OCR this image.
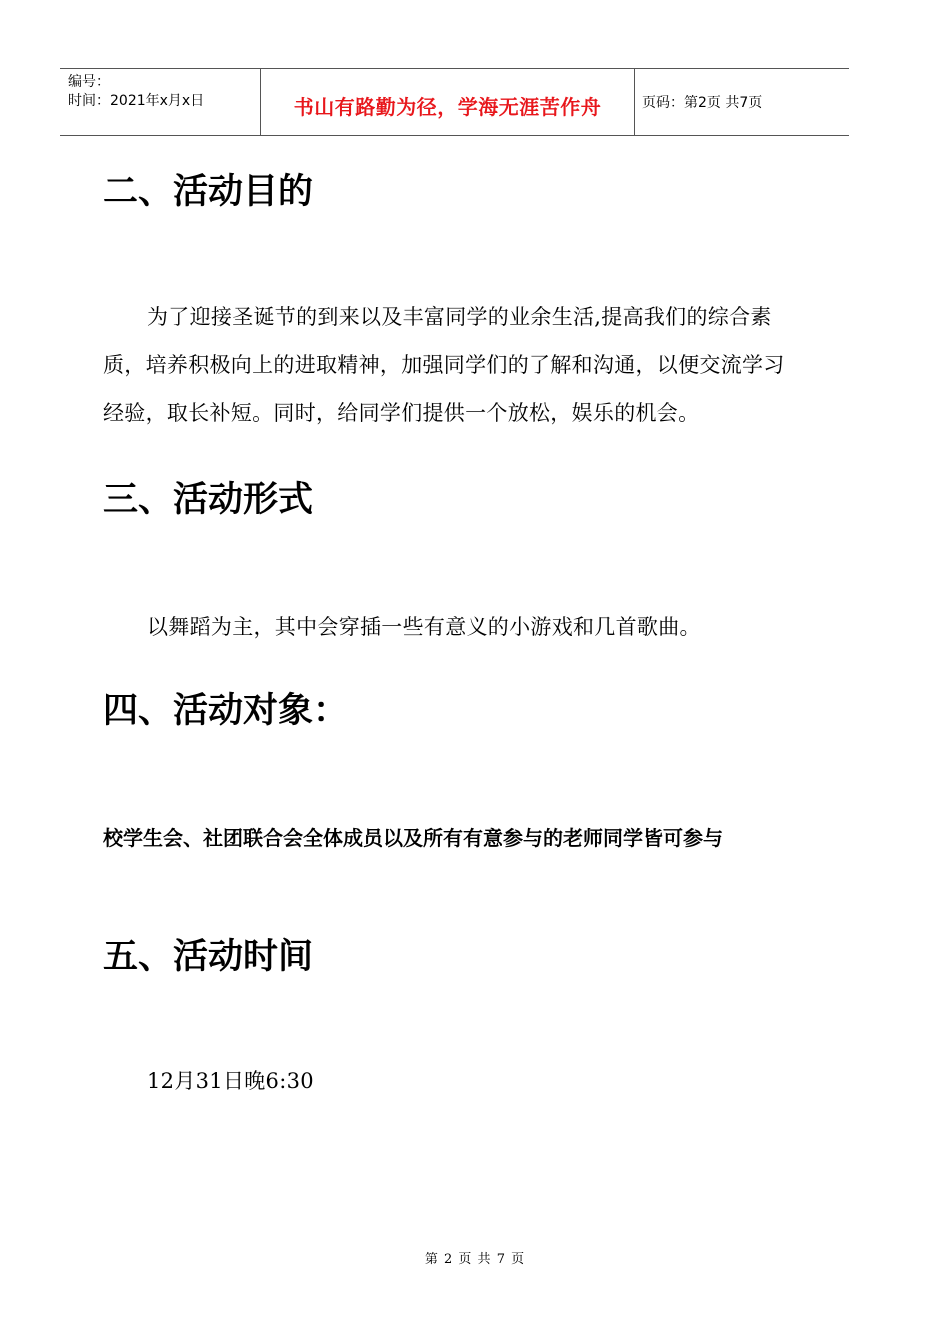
编号：
时间：2021年x月x日	书山有路勤为径，学海无涯苦作舟	页码：第2页 共7页
二、活动目的

为了迎接圣诞节的到来以及丰富同学的业余生活,提高我们的综合素质，培养积极向上的进取精神，加强同学们的了解和沟通，以便交流学习经验，取长补短。同时，给同学们提供一个放松，娱乐的机会。

三、活动形式

以舞蹈为主，其中会穿插一些有意义的小游戏和几首歌曲。

四、活动对象：
校学生会、社团联合会全体成员以及所有有意参与的老师同学皆可参与
五、活动时间

12月31日晚6:30

第 2 页 共 7 页
